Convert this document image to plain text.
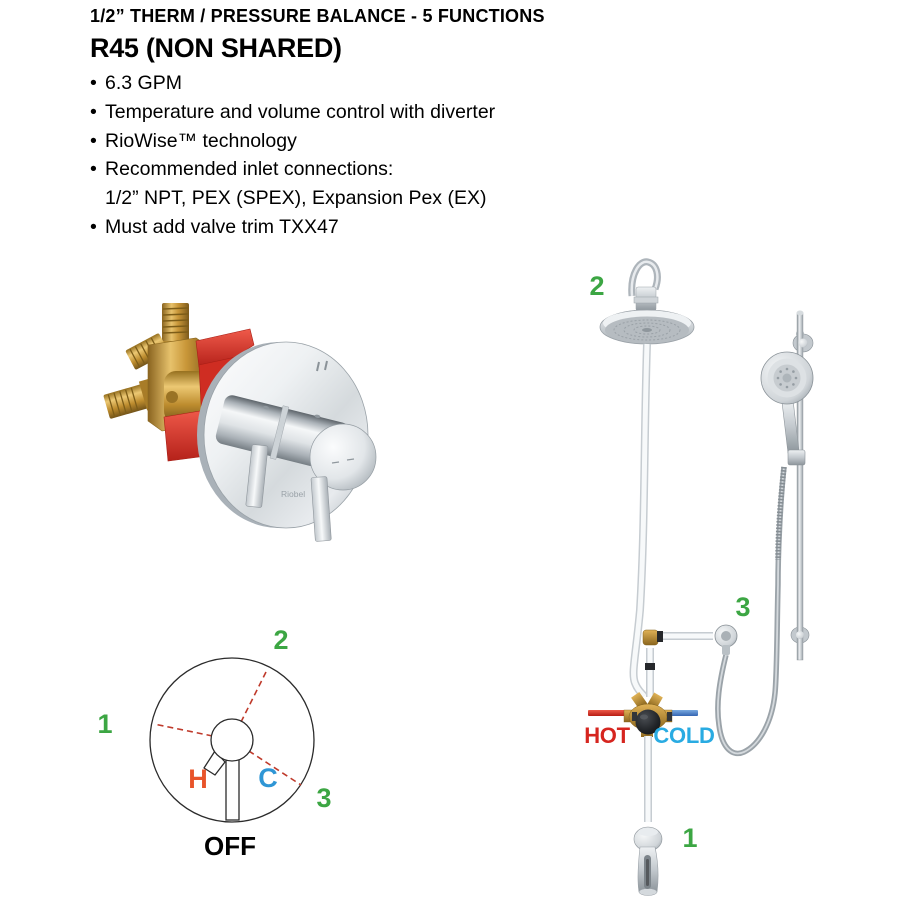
1/2” THERM / PRESSURE BALANCE - 5 FUNCTIONS
R45 (NON SHARED)
• 6.3 GPM
• Temperature and volume control with diverter
• RioWise™ technology
• Recommended inlet connections:
1/2” NPT, PEX (SPEX), Expansion Pex (EX)
• Must add valve trim TXX47
Riobel
1
2
3
H C
OFF
HOT COLD
2
3
1
